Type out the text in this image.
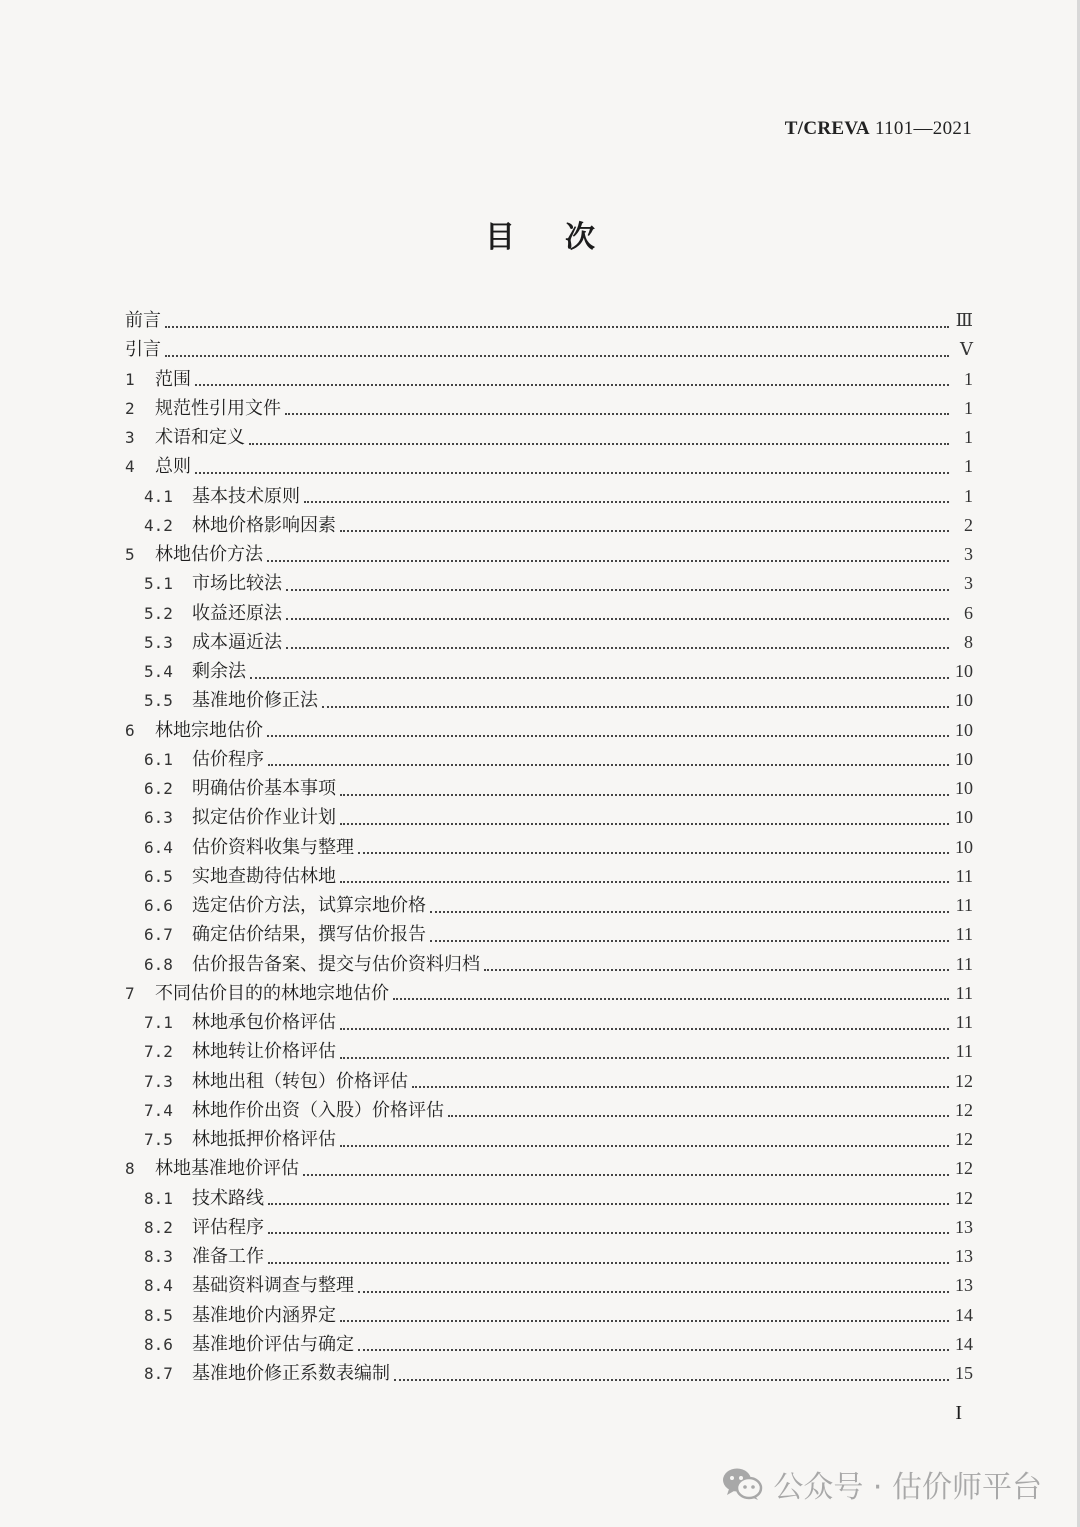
T/CREVA 1101—2021
目次
前言	Ⅲ
引言	Ⅴ
1	范围	1
2	规范性引用文件	1
3	术语和定义	1
4	总则	1
4.1	基本技术原则	1
4.2	林地价格影响因素	2
5	林地估价方法	3
5.1	市场比较法	3
5.2	收益还原法	6
5.3	成本逼近法	8
5.4	剩余法	10
5.5	基准地价修正法	10
6	林地宗地估价	10
6.1	估价程序	10
6.2	明确估价基本事项	10
6.3	拟定估价作业计划	10
6.4	估价资料收集与整理	10
6.5	实地查勘待估林地	11
6.6	选定估价方法，试算宗地价格	11
6.7	确定估价结果，撰写估价报告	11
6.8	估价报告备案、提交与估价资料归档	11
7	不同估价目的的林地宗地估价	11
7.1	林地承包价格评估	11
7.2	林地转让价格评估	11
7.3	林地出租（转包）价格评估	12
7.4	林地作价出资（入股）价格评估	12
7.5	林地抵押价格评估	12
8	林地基准地价评估	12
8.1	技术路线	12
8.2	评估程序	13
8.3	准备工作	13
8.4	基础资料调查与整理	13
8.5	基准地价内涵界定	14
8.6	基准地价评估与确定	14
8.7	基准地价修正系数表编制	15
I
公众号 · 估价师平台
